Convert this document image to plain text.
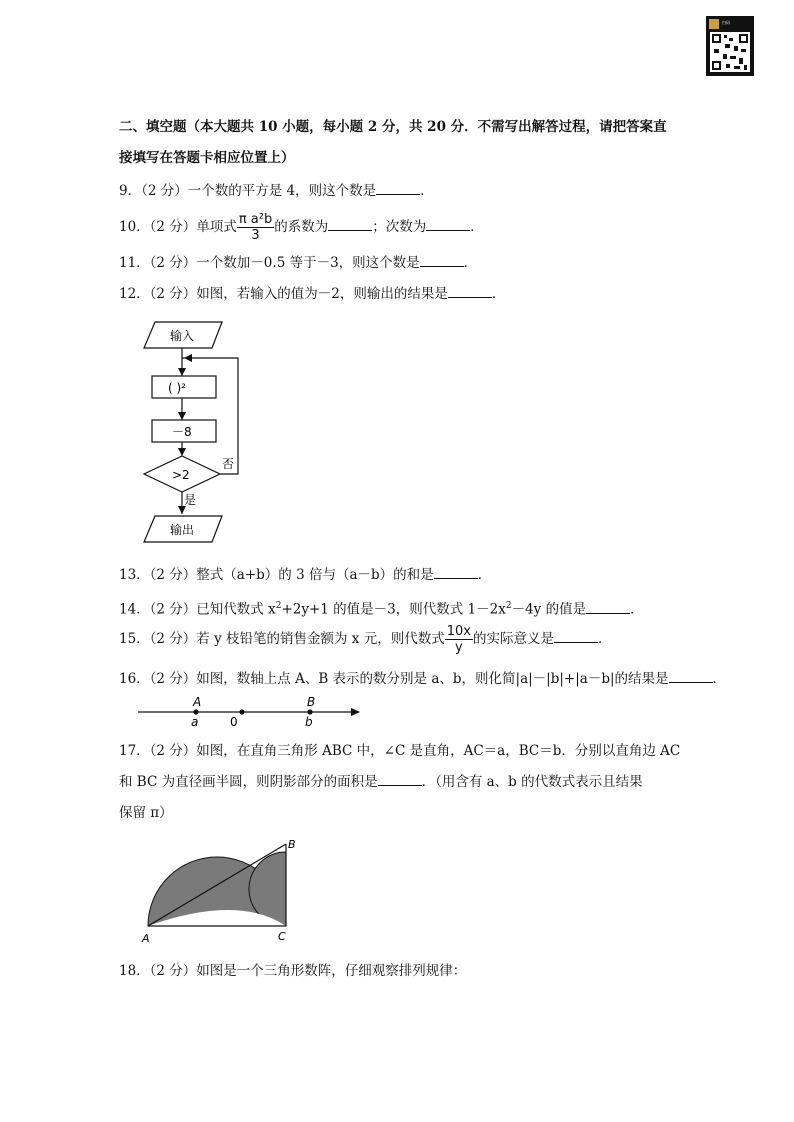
扫码
二、填空题（本大题共 10 小题，每小题 2 分，共 20 分．不需写出解答过程，请把答案直
接填写在答题卡相应位置上）
9．（2 分）一个数的平方是 4，则这个数是	．
10．（2 分）单项式 $\frac{\text{π a²b}}{3}$ 的系数为	；次数为	．
11．（2 分）一个数加－0.5 等于－3，则这个数是	．
12．（2 分）如图，若输入的值为－2，则输出的结果是	．
输入
( )²
－8
>2
否
是
输出
13．（2 分）整式（a+b）的 3 倍与（a－b）的和是	．
14．（2 分）已知代数式 $x^2+2y+1$ 的值是－3，则代数式 $1-2x^2-4y$ 的值是	．
15．（2 分）若 y 枝铅笔的销售金额为 x 元，则代数式 $\frac{10x}{y}$ 的实际意义是	．
16．（2 分）如图，数轴上点 A、B 表示的数分别是 a、b，则化简|a|－|b|+|a－b|的结果是	．
A
a	0
B
b
17．（2 分）如图，在直角三角形 ABC 中，∠C 是直角，AC＝a，BC＝b．分别以直角边 AC
和 BC 为直径画半圆，则阴影部分的面积是	．（用含有 a、b 的代数式表示且结果
保留 π）
A
B
C
18．（2 分）如图是一个三角形数阵，仔细观察排列规律：
